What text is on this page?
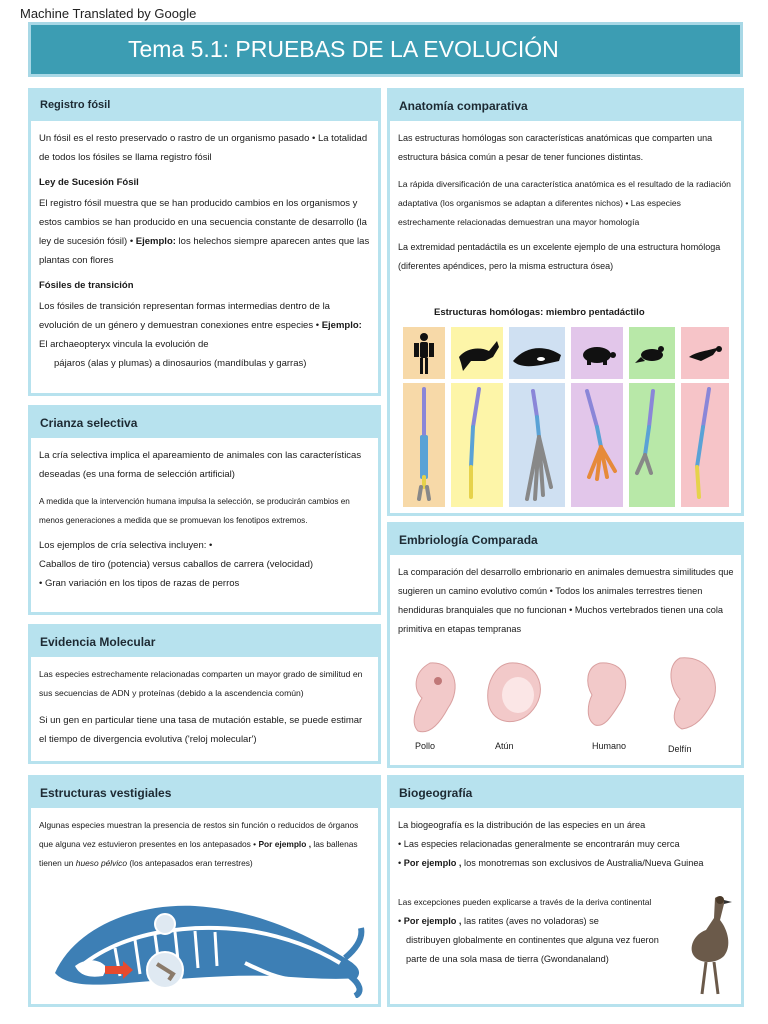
Machine Translated by Google
Tema 5.1: PRUEBAS DE LA EVOLUCIÓN
Registro fósil

Un fósil es el resto preservado o rastro de un organismo pasado • La totalidad de todos los fósiles se llama registro fósil

Ley de Sucesión Fósil

El registro fósil muestra que se han producido cambios en los organismos y estos cambios se han producido en una secuencia constante de desarrollo (la ley de sucesión fósil) • Ejemplo: los helechos siempre aparecen antes que las plantas con flores

Fósiles de transición

Los fósiles de transición representan formas intermedias dentro de la evolución de un género y demuestran conexiones entre especies • Ejemplo: El archaeopteryx vincula la evolución de

pájaros (alas y plumas) a dinosaurios (mandíbulas y garras)

Crianza selectiva

La cría selectiva implica el apareamiento de animales con las características deseadas (es una forma de selección artificial)

A medida que la intervención humana impulsa la selección, se producirán cambios en menos generaciones a medida que se promuevan los fenotipos extremos.

Los ejemplos de cría selectiva incluyen: •

Caballos de tiro (potencia) versus caballos de carrera (velocidad)

• Gran variación en los tipos de razas de perros

Evidencia Molecular

Las especies estrechamente relacionadas comparten un mayor grado de similitud en sus secuencias de ADN y proteínas (debido a la ascendencia común)

Si un gen en particular tiene una tasa de mutación estable, se puede estimar el tiempo de divergencia evolutiva ('reloj molecular')

Estructuras vestigiales

Algunas especies muestran la presencia de restos sin función o reducidos de órganos que alguna vez estuvieron presentes en los antepasados • Por ejemplo , las ballenas tienen un hueso pélvico (los antepasados eran terrestres)

Anatomía comparativa

Las estructuras homólogas son características anatómicas que comparten una estructura básica común a pesar de tener funciones distintas.

La rápida diversificación de una característica anatómica es el resultado de la radiación adaptativa (los organismos se adaptan a diferentes nichos) • Las especies estrechamente relacionadas demuestran una mayor homología

La extremidad pentadáctila es un excelente ejemplo de una estructura homóloga (diferentes apéndices, pero la misma estructura ósea)

Estructuras homólogas: miembro pentadáctilo
Embriología Comparada

La comparación del desarrollo embrionario en animales demuestra similitudes que sugieren un camino evolutivo común • Todos los animales terrestres tienen hendiduras branquiales que no funcionan • Muchos vertebrados tienen una cola primitiva en etapas tempranas

Pollo	Atún	Humano	Delfín
Biogeografía

La biogeografía es la distribución de las especies en un área

• Las especies relacionadas generalmente se encontrarán muy cerca

• Por ejemplo , los monotremas son exclusivos de Australia/Nueva Guinea

Las excepciones pueden explicarse a través de la deriva continental

• Por ejemplo , las ratites (aves no voladoras) se

distribuyen globalmente en continentes que alguna vez fueron

parte de una sola masa de tierra (Gwondanaland)
